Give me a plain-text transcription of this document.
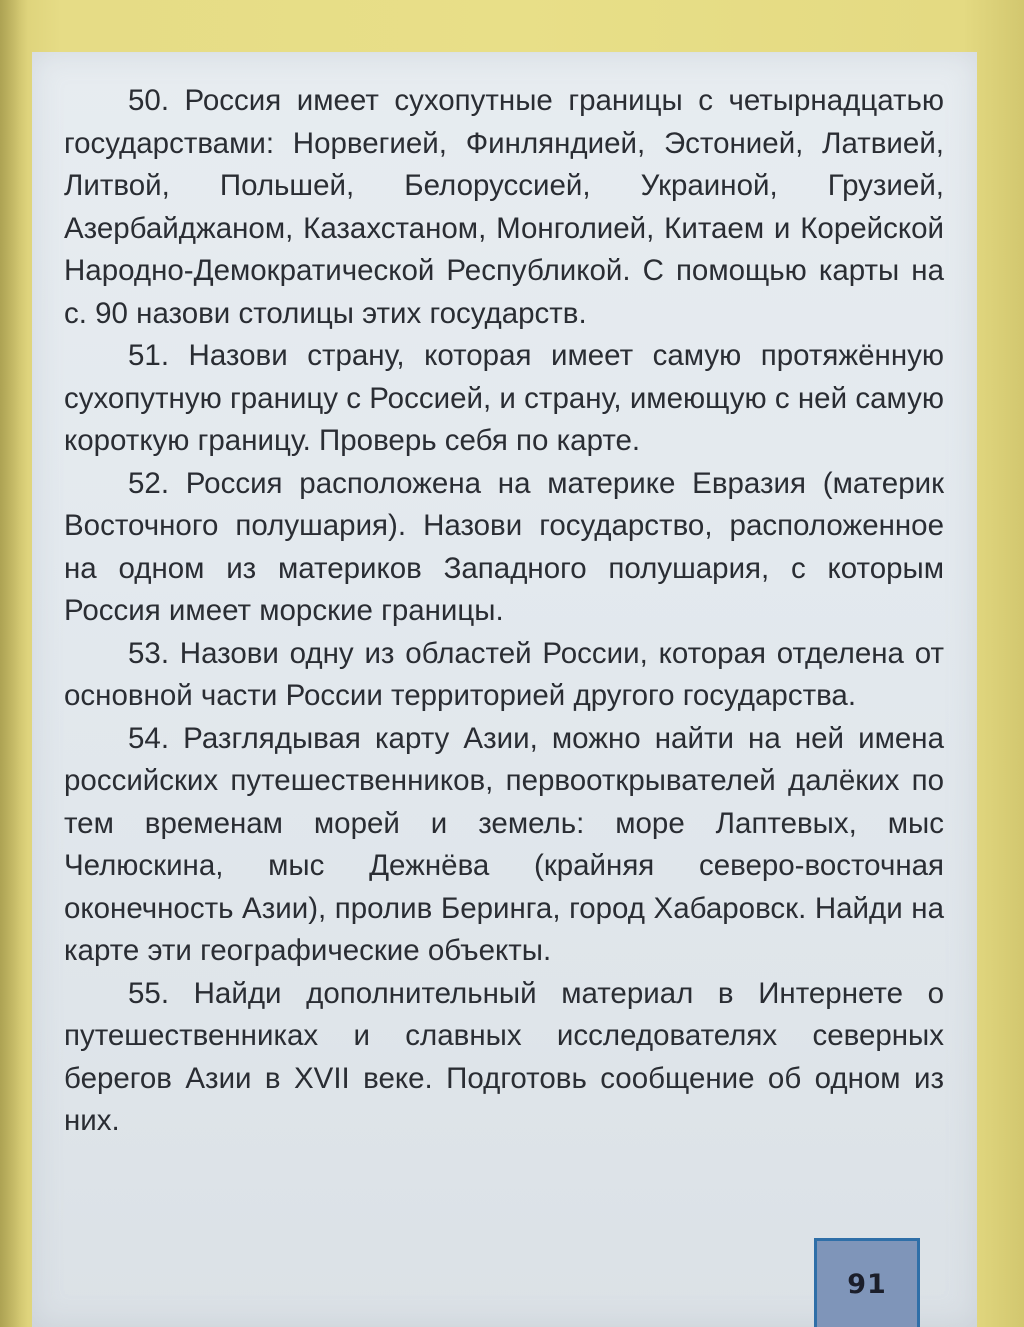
50. Россия имеет сухопутные границы с четырнадцатью государствами: Норвегией, Финляндией, Эстонией, Латвией, Литвой, Польшей, Белоруссией, Украиной, Грузией, Азербайджаном, Казахстаном, Монголией, Китаем и Корейской Народно-Демократической Республикой. С помощью карты на с. 90 назови столицы этих государств.

51. Назови страну, которая имеет самую протяжённую сухопутную границу с Россией, и страну, имеющую с ней самую короткую границу. Проверь себя по карте.

52. Россия расположена на материке Евразия (материк Восточного полушария). Назови государство, расположенное на одном из материков Западного полушария, с которым Россия имеет морские границы.

53. Назови одну из областей России, которая отделена от основной части России территорией другого государства.

54. Разглядывая карту Азии, можно найти на ней имена российских путешественников, первооткрывателей далёких по тем временам морей и земель: море Лаптевых, мыс Челюскина, мыс Дежнёва (крайняя северо-восточная оконечность Азии), пролив Беринга, город Хабаровск. Найди на карте эти географические объекты.

55. Найди дополнительный материал в Интернете о путешественниках и славных исследователях северных берегов Азии в XVII веке. Подготовь сообщение об одном из них.

91
